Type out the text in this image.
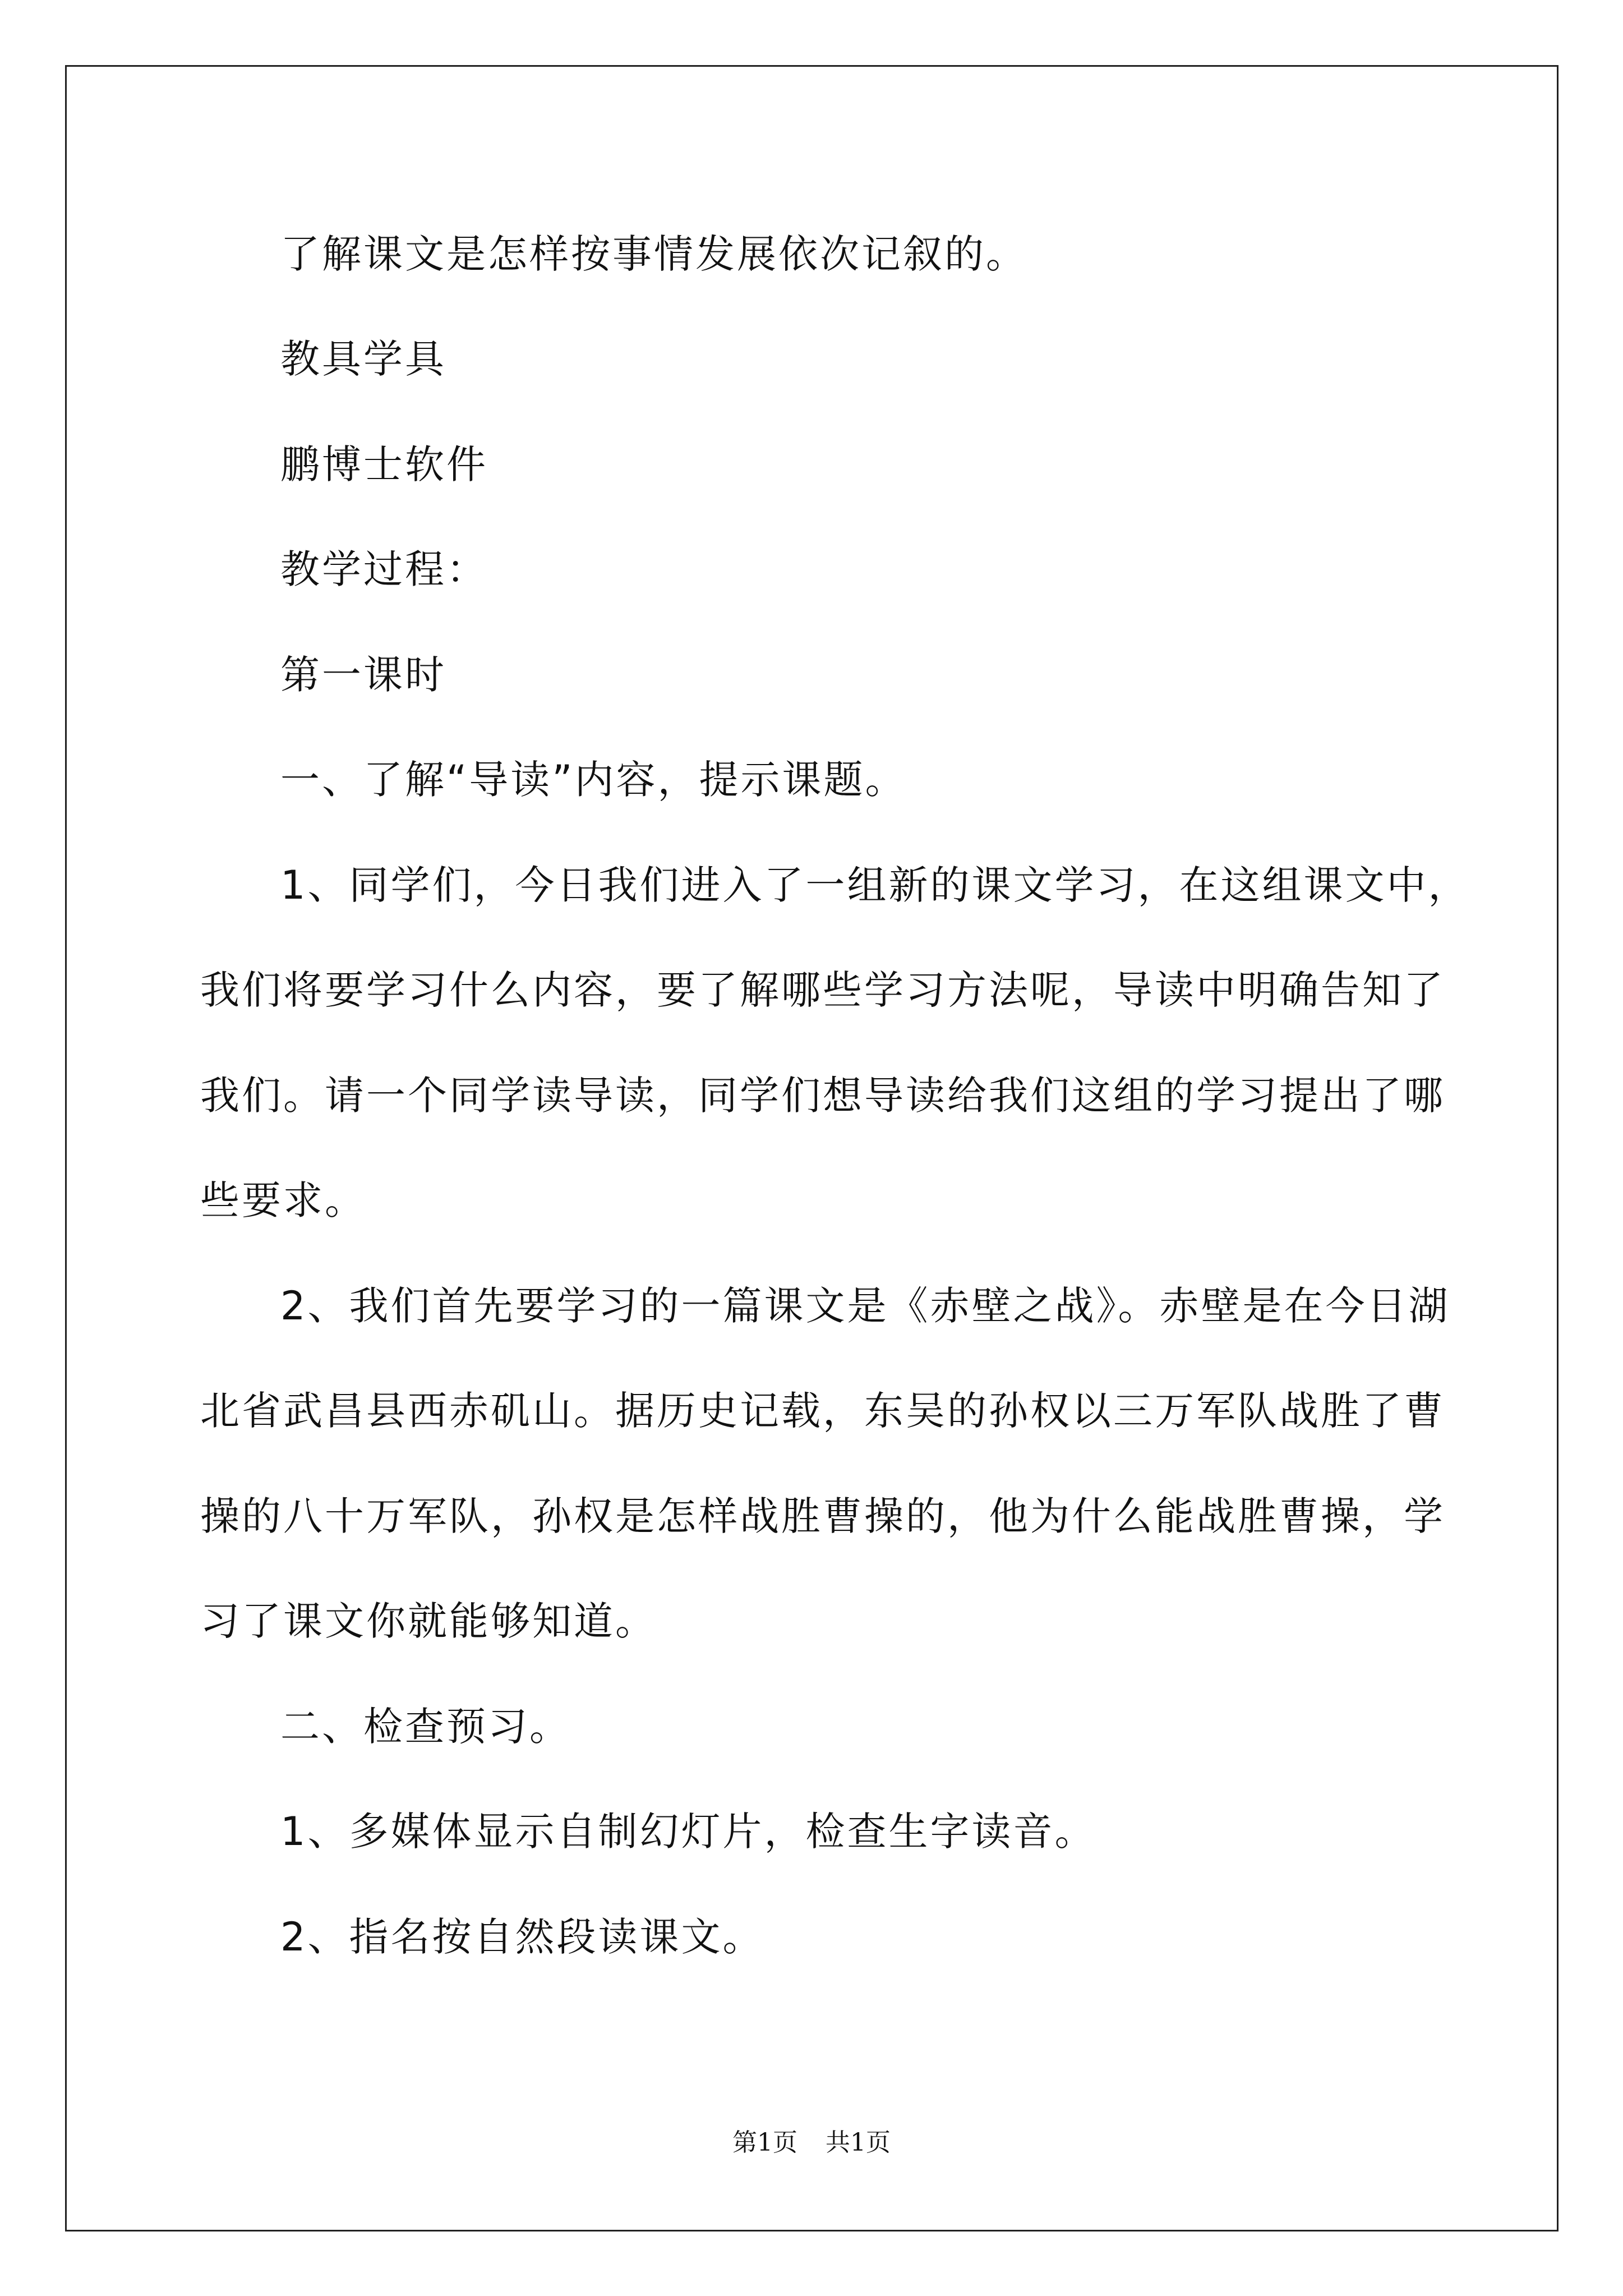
了解课文是怎样按事情发展依次记叙的。
教具学具
鹏博士软件
教学过程：
第一课时
一、了解“导读”内容，提示课题。
1、同学们，今日我们进入了一组新的课文学习，在这组课文中，
我们将要学习什么内容，要了解哪些学习方法呢，导读中明确告知了
我们。请一个同学读导读，同学们想导读给我们这组的学习提出了哪
些要求。
2、我们首先要学习的一篇课文是《赤壁之战》。赤壁是在今日湖
北省武昌县西赤矶山。据历史记载，东吴的孙权以三万军队战胜了曹
操的八十万军队，孙权是怎样战胜曹操的，他为什么能战胜曹操，学
习了课文你就能够知道。
二、检查预习。
1、多媒体显示自制幻灯片，检查生字读音。
2、指名按自然段读课文。
第1页 共1页
